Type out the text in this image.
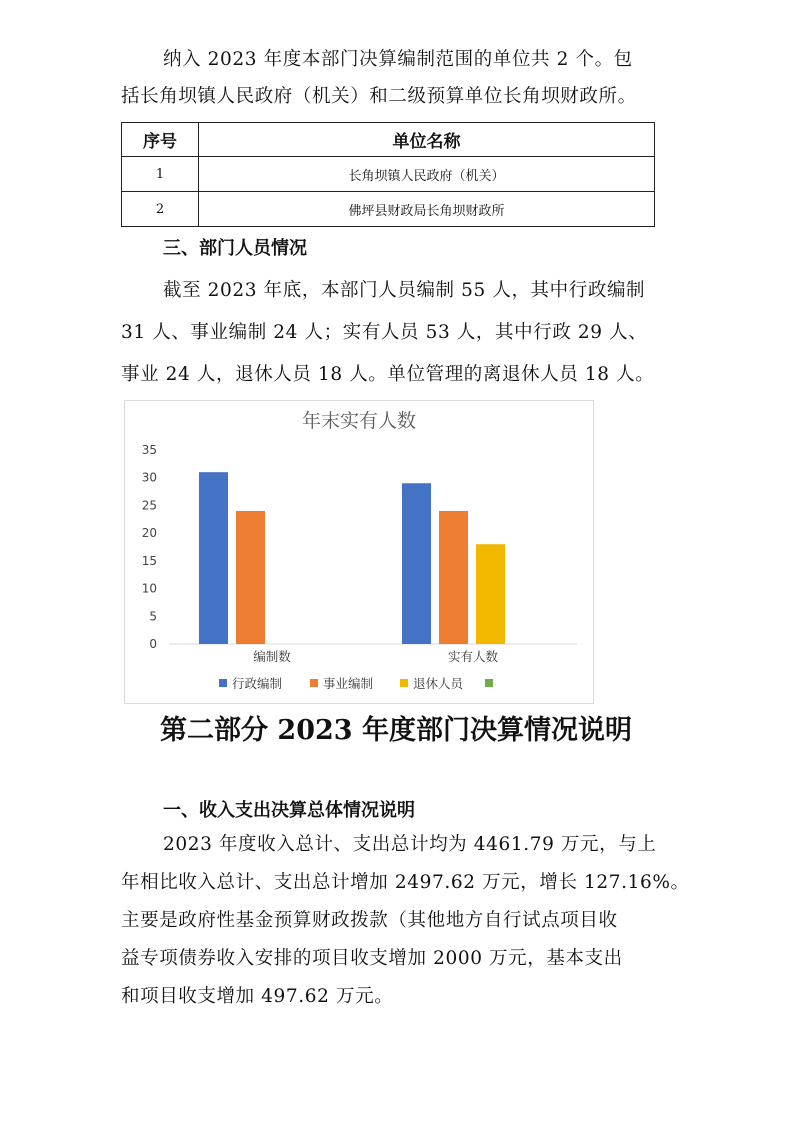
纳入 2023 年度本部门决算编制范围的单位共 2 个。包

括长角坝镇人民政府（机关）和二级预算单位长角坝财政所。

序号	单位名称
1	长角坝镇人民政府（机关）
2	佛坪县财政局长角坝财政所
三、部门人员情况

截至 2023 年底，本部门人员编制 55 人，其中行政编制

31 人、事业编制 24 人；实有人员 53 人，其中行政 29 人、

事业 24 人，退休人员 18 人。单位管理的离退休人员 18 人。

年末实有人数
0
5
10
15
20
25
30
35
编制数	实有人数
行政编制	事业编制	退休人员
第二部分 2023 年度部门决算情况说明
一、收入支出决算总体情况说明

2023 年度收入总计、支出总计均为 4461.79 万元，与上

年相比收入总计、支出总计增加 2497.62 万元，增长 127.16%。

主要是政府性基金预算财政拨款（其他地方自行试点项目收

益专项债券收入安排的项目收支增加 2000 万元，基本支出

和项目收支增加 497.62 万元。
